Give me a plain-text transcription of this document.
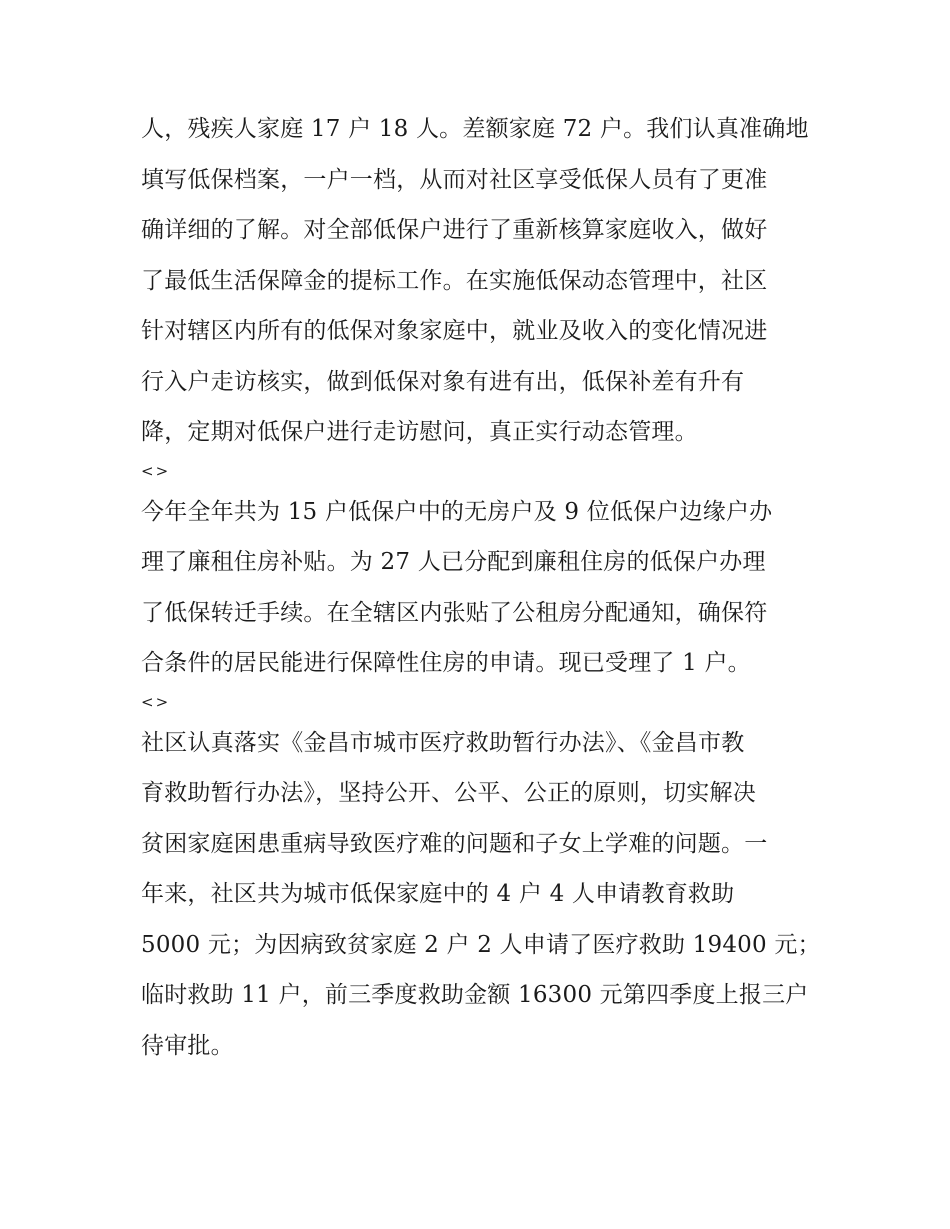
人，残疾人家庭 17 户 18 人。差额家庭 72 户。我们认真准确地
填写低保档案，一户一档，从而对社区享受低保人员有了更准
确详细的了解。对全部低保户进行了重新核算家庭收入，做好
了最低生活保障金的提标工作。在实施低保动态管理中，社区
针对辖区内所有的低保对象家庭中，就业及收入的变化情况进
行入户走访核实，做到低保对象有进有出，低保补差有升有
降，定期对低保户进行走访慰问，真正实行动态管理。
<>
今年全年共为 15 户低保户中的无房户及 9 位低保户边缘户办
理了廉租住房补贴。为 27 人已分配到廉租住房的低保户办理
了低保转迁手续。在全辖区内张贴了公租房分配通知，确保符
合条件的居民能进行保障性住房的申请。现已受理了 1 户。
<>
社区认真落实《金昌市城市医疗救助暂行办法》、《金昌市教
育救助暂行办法》，坚持公开、公平、公正的原则，切实解决
贫困家庭困患重病导致医疗难的问题和子女上学难的问题。一
年来，社区共为城市低保家庭中的 4 户 4 人申请教育救助
5000 元；为因病致贫家庭 2 户 2 人申请了医疗救助 19400 元；
临时救助 11 户，前三季度救助金额 16300 元第四季度上报三户
待审批。
